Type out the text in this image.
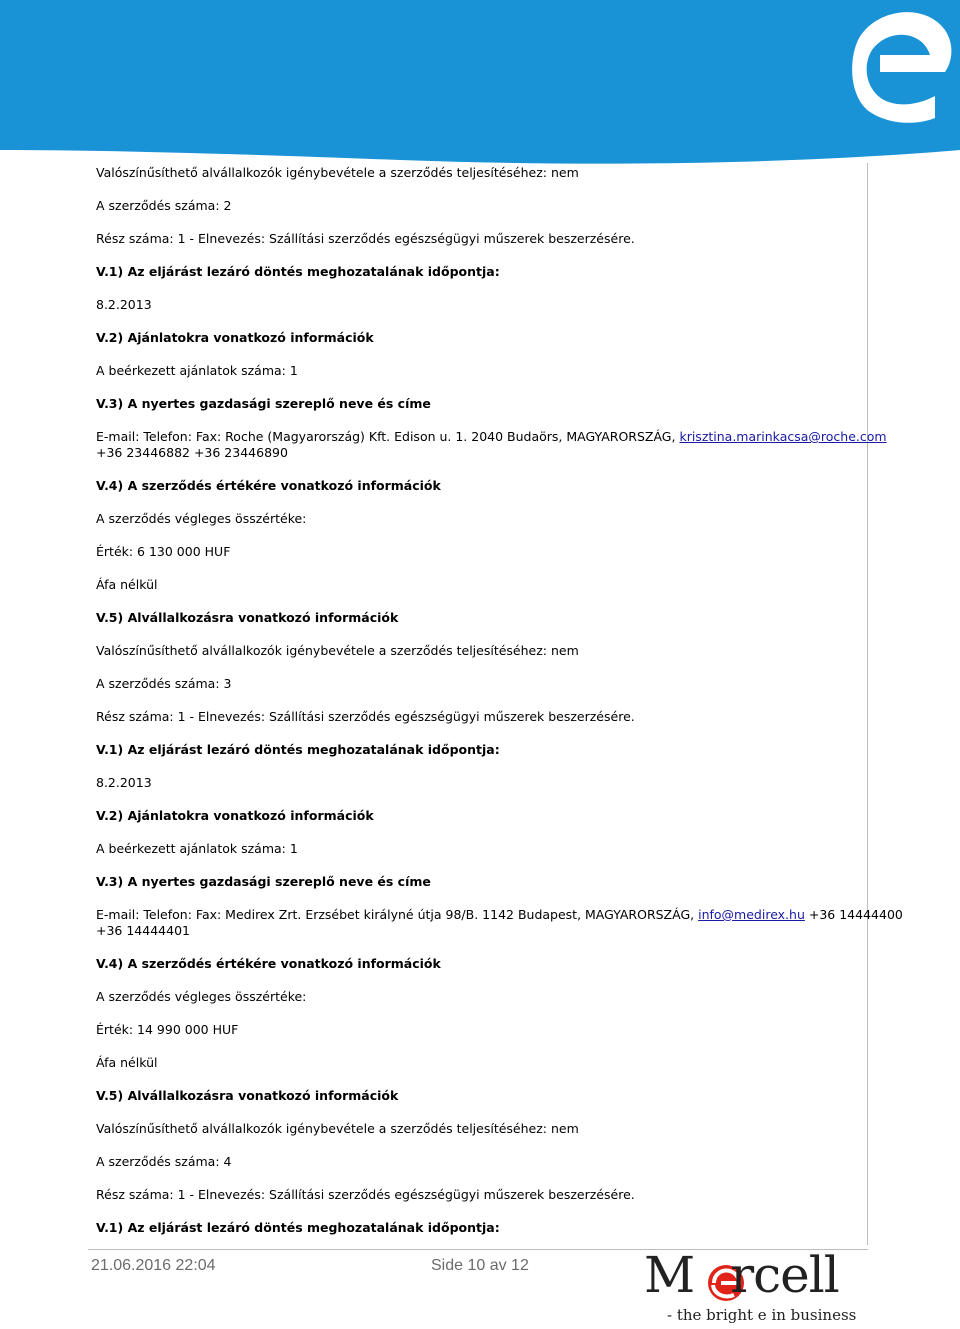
Valószínűsíthető alvállalkozók igénybevétele a szerződés teljesítéséhez: nem
A szerződés száma: 2
Rész száma: 1 - Elnevezés: Szállítási szerződés egészségügyi műszerek beszerzésére.
V.1) Az eljárást lezáró döntés meghozatalának időpontja:
8.2.2013
V.2) Ajánlatokra vonatkozó információk
A beérkezett ajánlatok száma: 1
V.3) A nyertes gazdasági szereplő neve és címe
E-mail: Telefon: Fax: Roche (Magyarország) Kft. Edison u. 1. 2040 Budaörs, MAGYARORSZÁG, krisztina.marinkacsa@roche.com
+36 23446882 +36 23446890
V.4) A szerződés értékére vonatkozó információk
A szerződés végleges összértéke:
Érték: 6 130 000 HUF
Áfa nélkül
V.5) Alvállalkozásra vonatkozó információk
Valószínűsíthető alvállalkozók igénybevétele a szerződés teljesítéséhez: nem
A szerződés száma: 3
Rész száma: 1 - Elnevezés: Szállítási szerződés egészségügyi műszerek beszerzésére.
V.1) Az eljárást lezáró döntés meghozatalának időpontja:
8.2.2013
V.2) Ajánlatokra vonatkozó információk
A beérkezett ajánlatok száma: 1
V.3) A nyertes gazdasági szereplő neve és címe
E-mail: Telefon: Fax: Medirex Zrt. Erzsébet királyné útja 98/B. 1142 Budapest, MAGYARORSZÁG, info@medirex.hu +36 14444400
+36 14444401
V.4) A szerződés értékére vonatkozó információk
A szerződés végleges összértéke:
Érték: 14 990 000 HUF
Áfa nélkül
V.5) Alvállalkozásra vonatkozó információk
Valószínűsíthető alvállalkozók igénybevétele a szerződés teljesítéséhez: nem
A szerződés száma: 4
Rész száma: 1 - Elnevezés: Szállítási szerződés egészségügyi műszerek beszerzésére.
V.1) Az eljárást lezáró döntés meghozatalának időpontja:
21.06.2016 22:04	Side 10 av 12 M rcell
- the bright e in business
